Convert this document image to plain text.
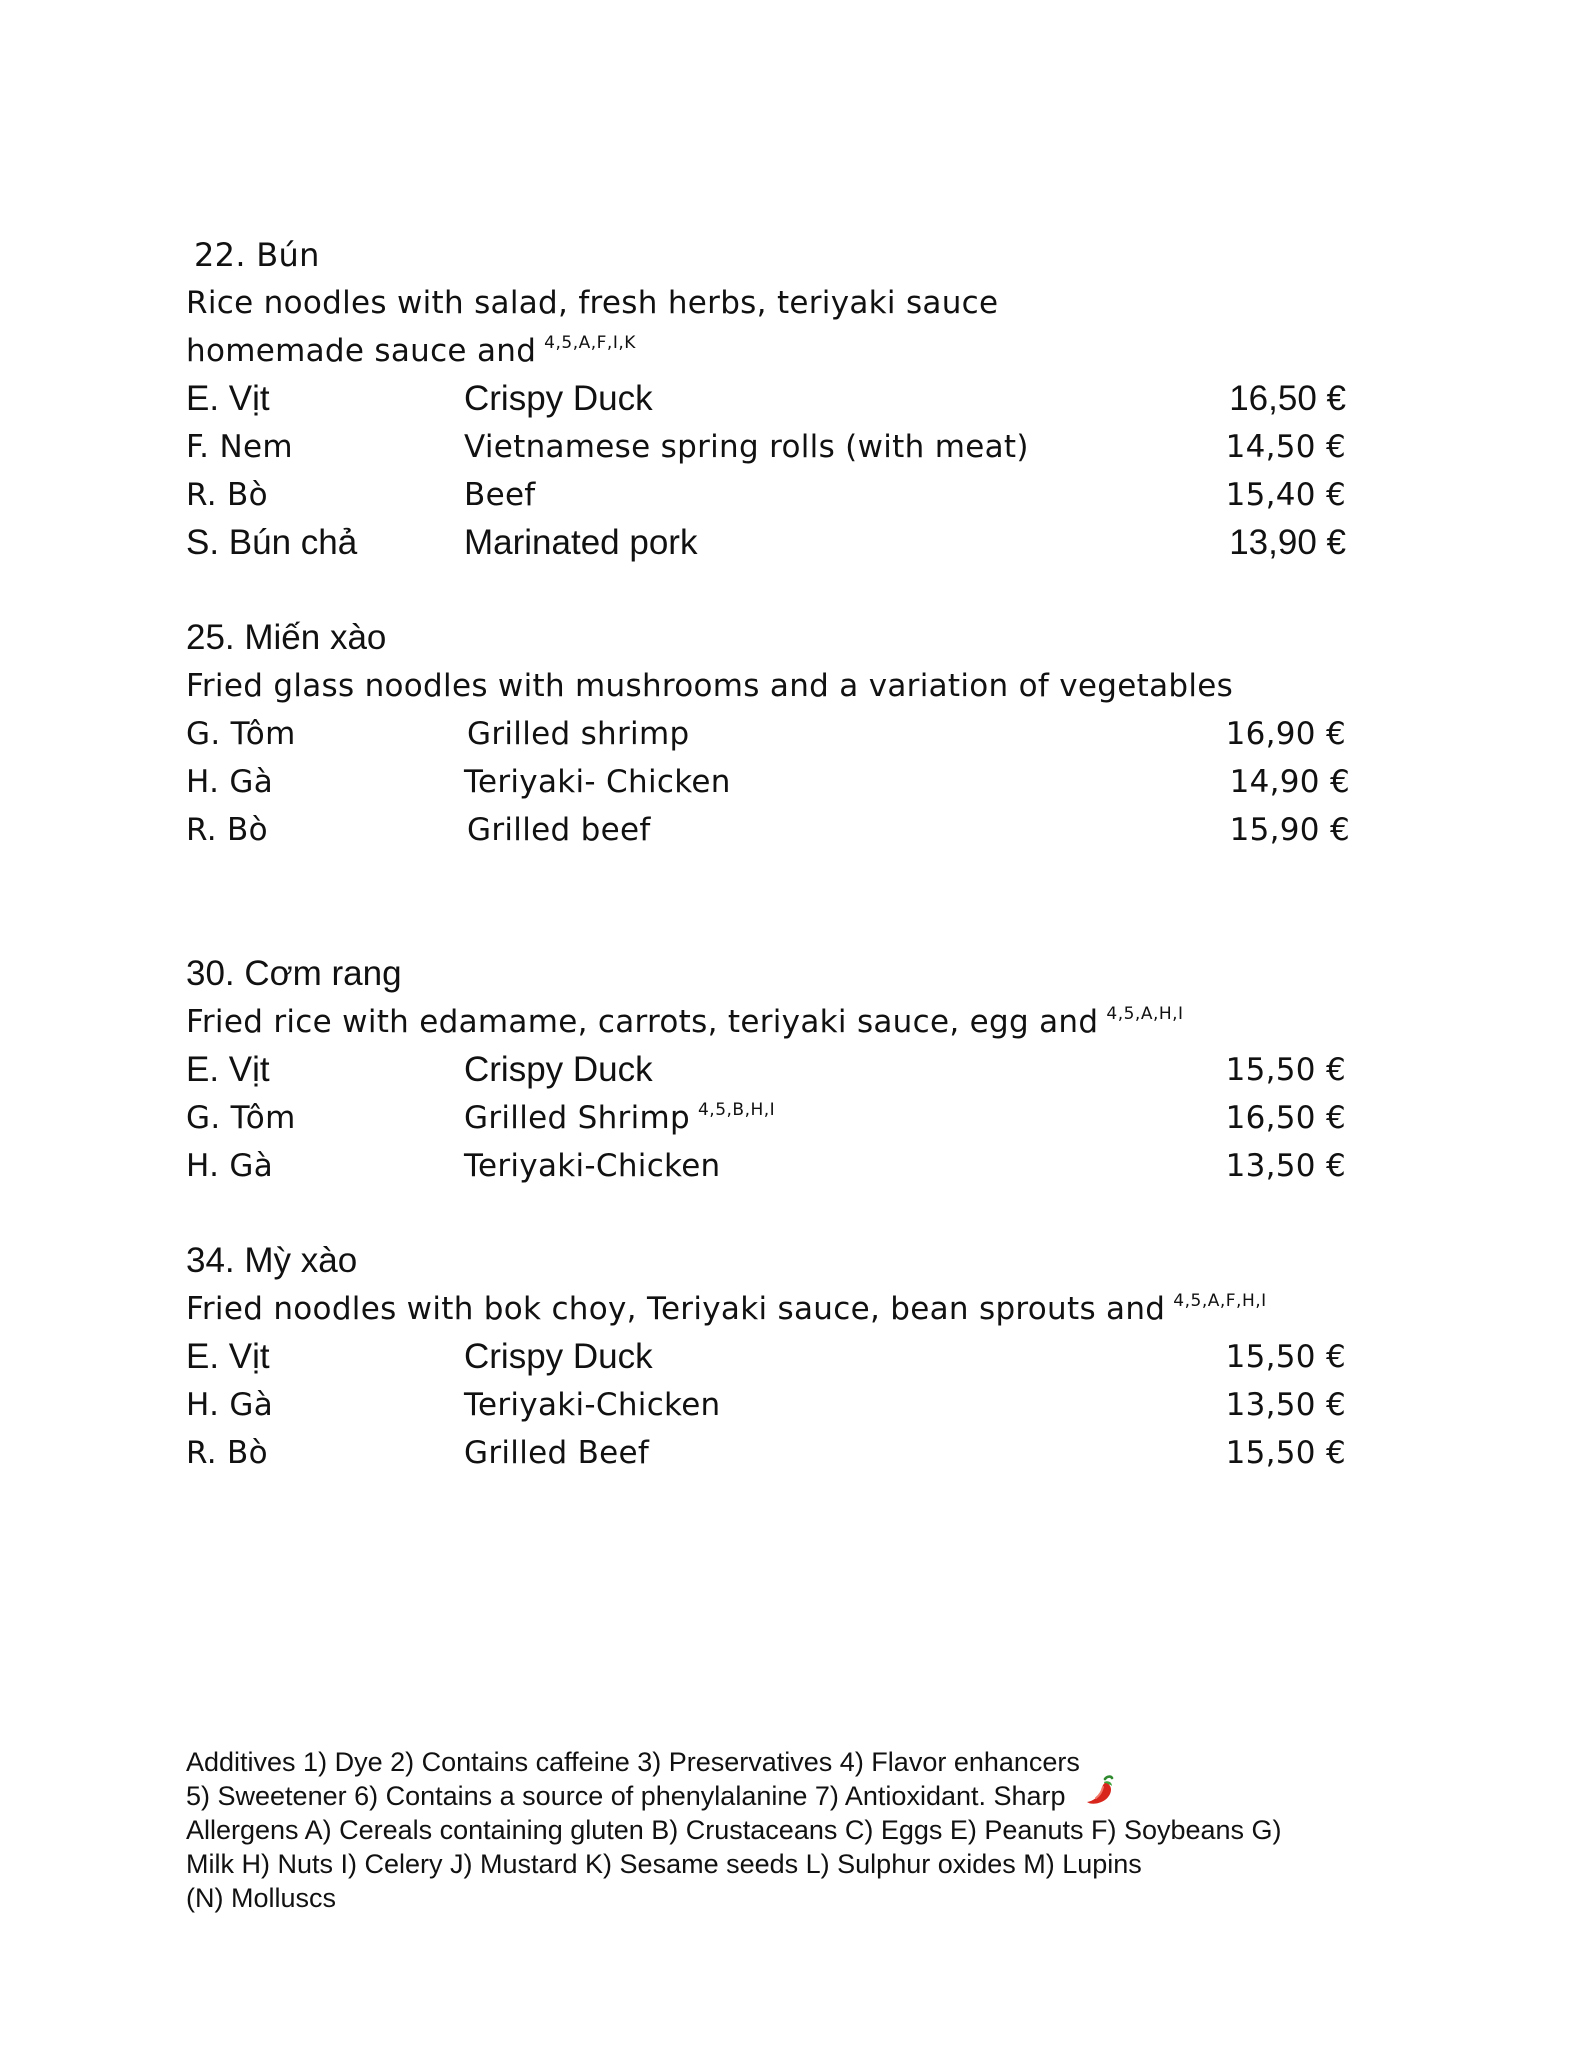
22. Bún
Rice noodles with salad, fresh herbs, teriyaki sauce
homemade sauce and $^{4,5,A,F,I,K}$
E. Vịt	Crispy Duck	16,50 €
F. Nem	Vietnamese spring rolls (with meat)	14,50 €
R. Bò	Beef	15,40 €
S. Bún chả	Marinated pork	13,90 €
25. Miến xào
Fried glass noodles with mushrooms and a variation of vegetables
G. Tôm	Grilled shrimp	16,90 €
H. Gà	Teriyaki- Chicken	14,90 €
R. Bò	Grilled beef	15,90 €
30. Cơm rang
Fried rice with edamame, carrots, teriyaki sauce, egg and $^{4,5,A,H,I}$
E. Vịt	Crispy Duck	15,50 €
G. Tôm	Grilled Shrimp $^{4,5,B,H,I}$	16,50 €
H. Gà	Teriyaki-Chicken	13,50 €
34. Mỳ xào
Fried noodles with bok choy, Teriyaki sauce, bean sprouts and $^{4,5,A,F,H,I}$
E. Vịt	Crispy Duck	15,50 €
H. Gà	Teriyaki-Chicken	13,50 €
R. Bò	Grilled Beef	15,50 €
Additives 1) Dye 2) Contains caffeine 3) Preservatives 4) Flavor enhancers
5) Sweetener 6) Contains a source of phenylalanine 7) Antioxidant. Sharp
Allergens A) Cereals containing gluten B) Crustaceans C) Eggs E) Peanuts F) Soybeans G)
Milk H) Nuts I) Celery J) Mustard K) Sesame seeds L) Sulphur oxides M) Lupins
(N) Molluscs
